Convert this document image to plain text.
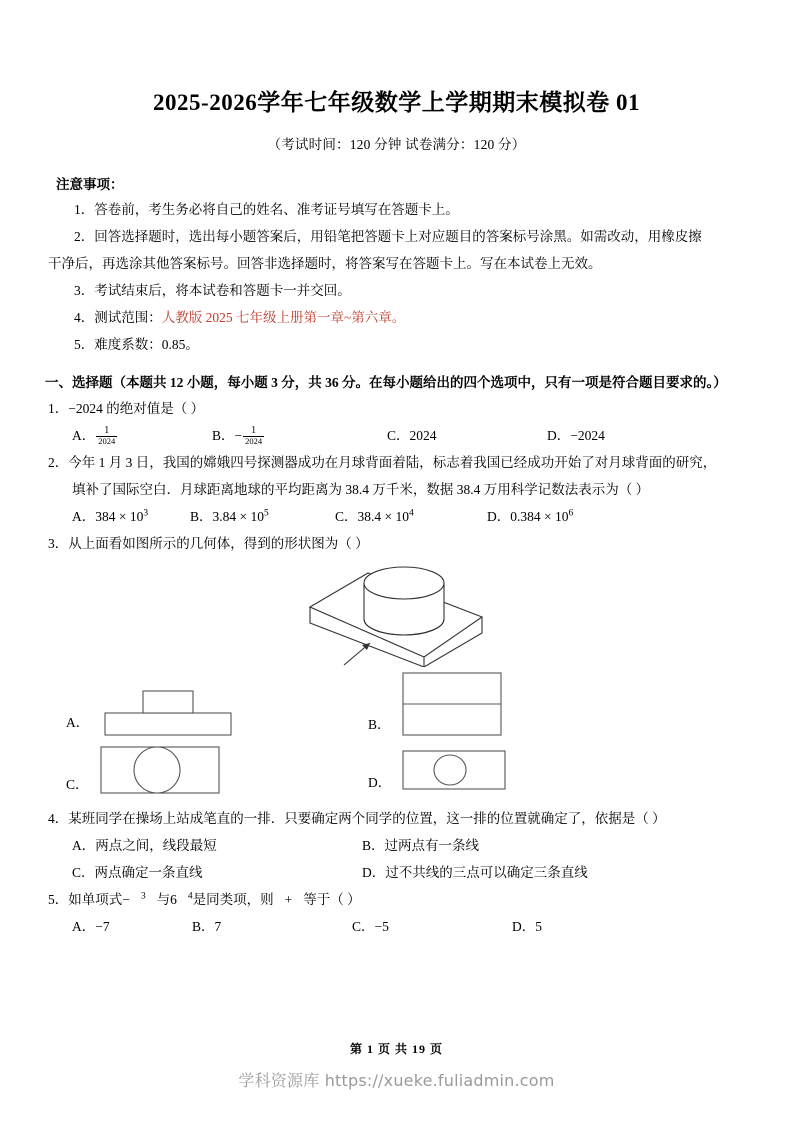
2025-2026学年七年级数学上学期期末模拟卷 01
（考试时间：120 分钟 试卷满分：120 分）
注意事项：
1．答卷前，考生务必将自己的姓名、准考证号填写在答题卡上。
2．回答选择题时，选出每小题答案后，用铅笔把答题卡上对应题目的答案标号涂黑。如需改动，用橡皮擦
干净后，再选涂其他答案标号。回答非选择题时，将答案写在答题卡上。写在本试卷上无效。
3．考试结束后，将本试卷和答题卡一并交回。
4．测试范围：人教版 2025 七年级上册第一章~第六章。
5．难度系数：0.85。
一、选择题（本题共 12 小题，每小题 3 分，共 36 分。在每小题给出的四个选项中，只有一项是符合题目要求的。）
1．−2024 的绝对值是（ ）
A． $\frac{1}{2024}$	B．− $\frac{1}{2024}$	C．2024	D．−2024
2．今年 1 月 3 日，我国的嫦娥四号探测器成功在月球背面着陆，标志着我国已经成功开始了对月球背面的研究，
填补了国际空白．月球距离地球的平均距离为 38.4 万千米，数据 38.4 万用科学记数法表示为（ ）
A．$384 \times 10^3$	B．$3.84 \times 10^5$	C．$38.4 \times 10^4$	D．$0.384 \times 10^6$
3．从上面看如图所示的几何体，得到的形状图为（ ）
A．	B．
C．	D．
4．某班同学在操场上站成笔直的一排．只要确定两个同学的位置，这一排的位置就确定了，依据是（ ）
A．两点之间，线段最短	B．过两点有一条线
C．两点确定一条直线	D．过不共线的三点可以确定三条直线
5．如单项式− $^3$ 与6 $^4$是同类项，则 + 等于（ ）
A．−7	B．7	C．−5	D．5
第 1 页 共 19 页
学科资源库 https://xueke.fuliadmin.com
